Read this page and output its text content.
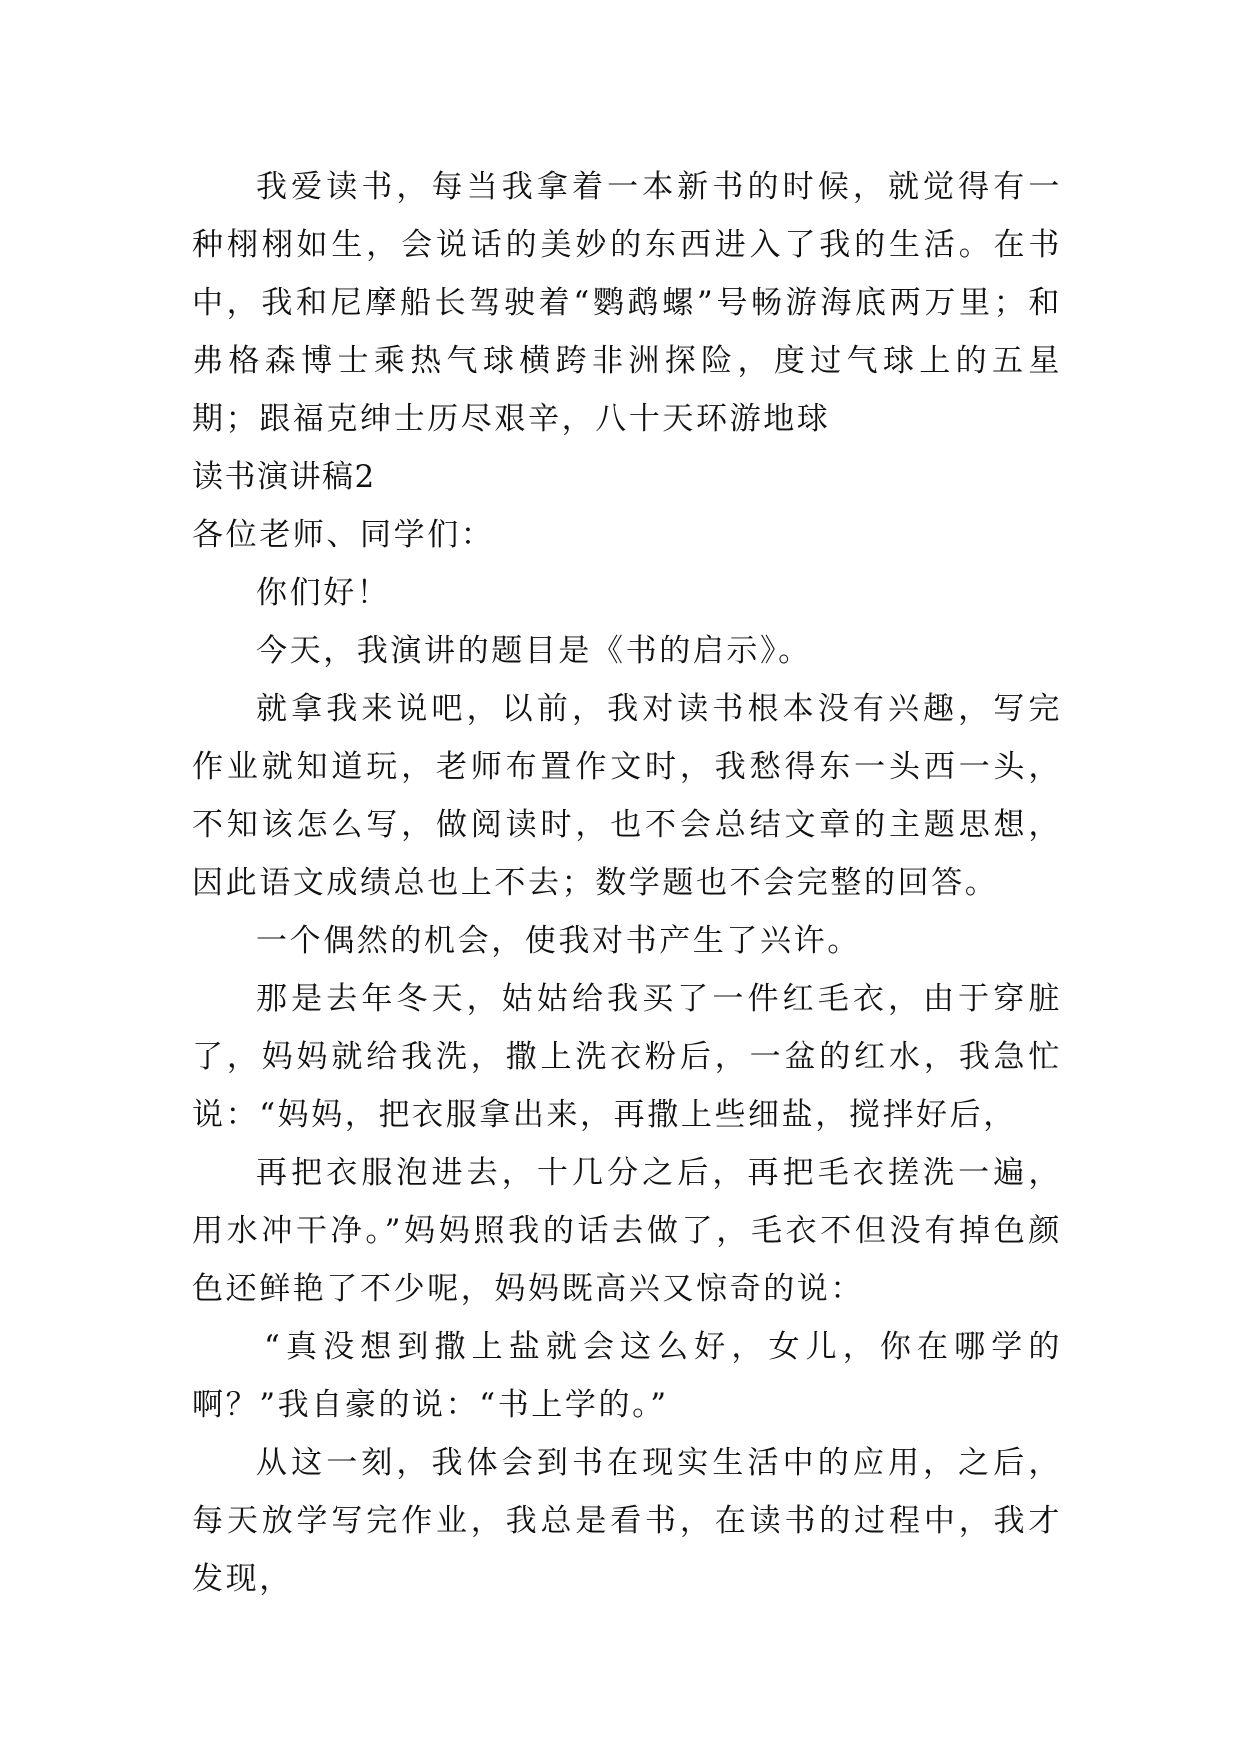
我爱读书，每当我拿着一本新书的时候，就觉得有一种栩栩如生，会说话的美妙的东西进入了我的生活。在书中，我和尼摩船长驾驶着“鹦鹉螺”号畅游海底两万里；和弗格森博士乘热气球横跨非洲探险，度过气球上的五星期；跟福克绅士历尽艰辛，八十天环游地球

读书演讲稿2

各位老师、同学们：

你们好！

今天，我演讲的题目是《书的启示》。

就拿我来说吧，以前，我对读书根本没有兴趣，写完作业就知道玩，老师布置作文时，我愁得东一头西一头，不知该怎么写，做阅读时，也不会总结文章的主题思想，因此语文成绩总也上不去；数学题也不会完整的回答。

一个偶然的机会，使我对书产生了兴许。

那是去年冬天，姑姑给我买了一件红毛衣，由于穿脏了，妈妈就给我洗，撒上洗衣粉后，一盆的红水，我急忙说：“妈妈，把衣服拿出来，再撒上些细盐，搅拌好后，

再把衣服泡进去，十几分之后，再把毛衣搓洗一遍，用水冲干净。”妈妈照我的话去做了，毛衣不但没有掉色颜色还鲜艳了不少呢，妈妈既高兴又惊奇的说：

“真没想到撒上盐就会这么好，女儿，你在哪学的啊？”我自豪的说：“书上学的。”

从这一刻，我体会到书在现实生活中的应用，之后，每天放学写完作业，我总是看书，在读书的过程中，我才发现，
